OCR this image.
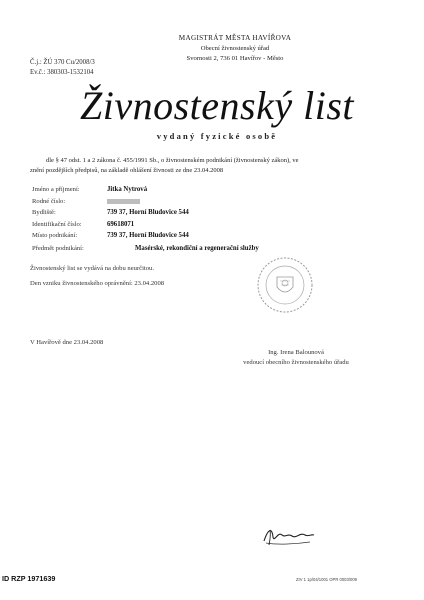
MAGISTRÁT MĚSTA HAVÍŘOVA
Obecní živnostenský úřad
Svornosti 2, 736 01 Havířov - Město
Č.j.: ŽÚ 370 Cu/2008/3
Ev.č.: 380303-1532104
Živnostenský list
vydaný fyzické osobě
dle § 47 odst. 1 a 2 zákona č. 455/1991 Sb., o živnostenském podnikání (živnostenský zákon), ve
znění pozdějších předpisů, na základě ohlášení živnosti ze dne 23.04.2008
Jméno a příjmení:	Jitka Nytrová
Rodné číslo:
Bydliště:	739 37, Horní Bludovice 544
Identifikační číslo:	69618071
Místo podnikání:	739 37, Horní Bludovice 544
Předmět podnikání:	Masérské, rekondiční a regenerační služby
Živnostenský list se vydává na dobu neurčitou.
Den vzniku živnostenského oprávnění: 23.04.2008
V Havířově dne 23.04.2008
Ing. Irena Balounová
vedoucí obecního živnostenského úřadu
ID RZP 1971639	ZIV 1 1p/04/1001 OPR 0003/009
